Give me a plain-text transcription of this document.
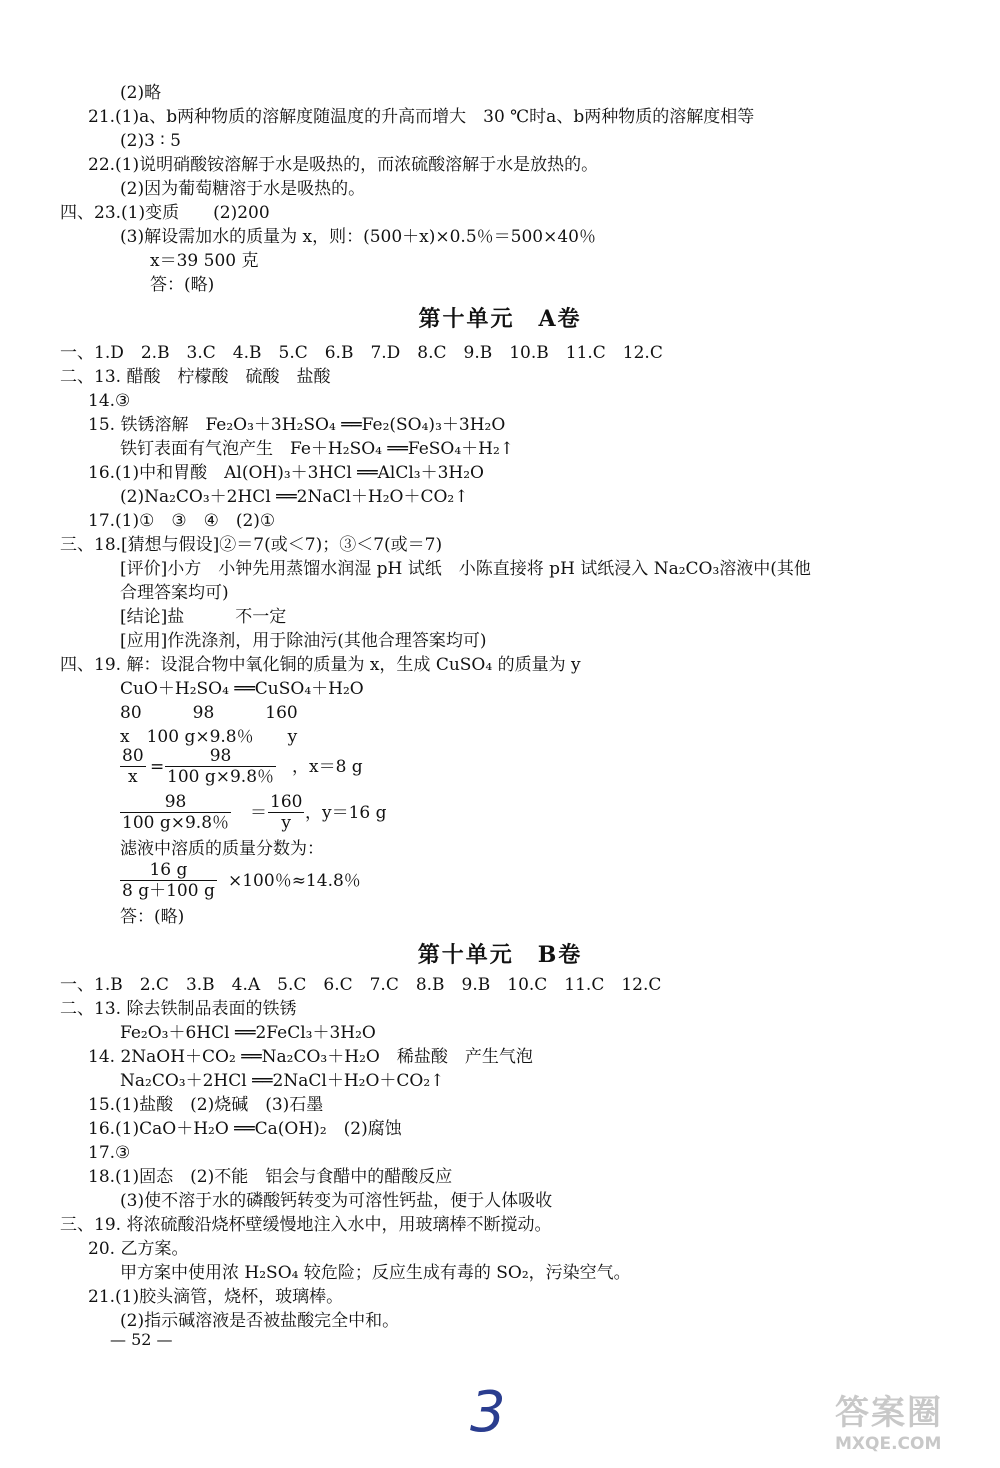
(2)略
21.(1)a、b两种物质的溶解度随温度的升高而增大　30 ℃时a、b两种物质的溶解度相等
(2)3 ∶ 5
22.(1)说明硝酸铵溶解于水是吸热的，而浓硫酸溶解于水是放热的。
(2)因为葡萄糖溶于水是吸热的。
四、23.(1)变质　　(2)200
(3)解设需加水的质量为 x，则：(500＋x)×0.5％＝500×40％
x＝39 500 克
答：(略)
第十单元　A卷
一、1.D　2.B　3.C　4.B　5.C　6.B　7.D　8.C　9.B　10.B　11.C　12.C
二、13. 醋酸　柠檬酸　硫酸　盐酸
14.③
15. 铁锈溶解　Fe₂O₃＋3H₂SO₄ ══Fe₂(SO₄)₃＋3H₂O
铁钉表面有气泡产生　Fe＋H₂SO₄ ══FeSO₄＋H₂↑
16.(1)中和胃酸　Al(OH)₃＋3HCl ══AlCl₃＋3H₂O
(2)Na₂CO₃＋2HCl ══2NaCl＋H₂O＋CO₂↑
17.(1)①　③　④　(2)①
三、18.[猜想与假设]②＝7(或＜7)；③＜7(或＝7)
[评价]小方　小钟先用蒸馏水润湿 pH 试纸　小陈直接将 pH 试纸浸入 Na₂CO₃溶液中(其他
合理答案均可)
[结论]盐　　　不一定
[应用]作洗涤剂，用于除油污(其他合理答案均可)
四、19. 解：设混合物中氧化铜的质量为 x，生成 CuSO₄ 的质量为 y
CuO＋H₂SO₄ ══CuSO₄＋H₂O
80　　　98　　　160
x　100 g×9.8％　　y
$\frac{80}{x} = \frac{98}{100 g\times 9.8\%}$ ，x＝8 g
$\frac{98}{100 g\times 9.8\%} = \frac{160}{y}$ ，y＝16 g
滤液中溶质的质量分数为：
$\frac{16 g}{8 g+100 g} \times 100$％≈14.8％
答：(略)
第十单元　B卷
一、1.B　2.C　3.B　4.A　5.C　6.C　7.C　8.B　9.B　10.C　11.C　12.C
二、13. 除去铁制品表面的铁锈
Fe₂O₃＋6HCl ══2FeCl₃＋3H₂O
14. 2NaOH＋CO₂ ══Na₂CO₃＋H₂O　稀盐酸　产生气泡
Na₂CO₃＋2HCl ══2NaCl＋H₂O＋CO₂↑
15.(1)盐酸　(2)烧碱　(3)石墨
16.(1)CaO＋H₂O ══Ca(OH)₂　(2)腐蚀
17.③
18.(1)固态　(2)不能　铝会与食醋中的醋酸反应
(3)使不溶于水的磷酸钙转变为可溶性钙盐，便于人体吸收
三、19. 将浓硫酸沿烧杯壁缓慢地注入水中，用玻璃棒不断搅动。
20. 乙方案。
甲方案中使用浓 H₂SO₄ 较危险；反应生成有毒的 SO₂，污染空气。
21.(1)胶头滴管，烧杯，玻璃棒。
(2)指示碱溶液是否被盐酸完全中和。
— 52 —
3	答案圈
MXQE.COM
